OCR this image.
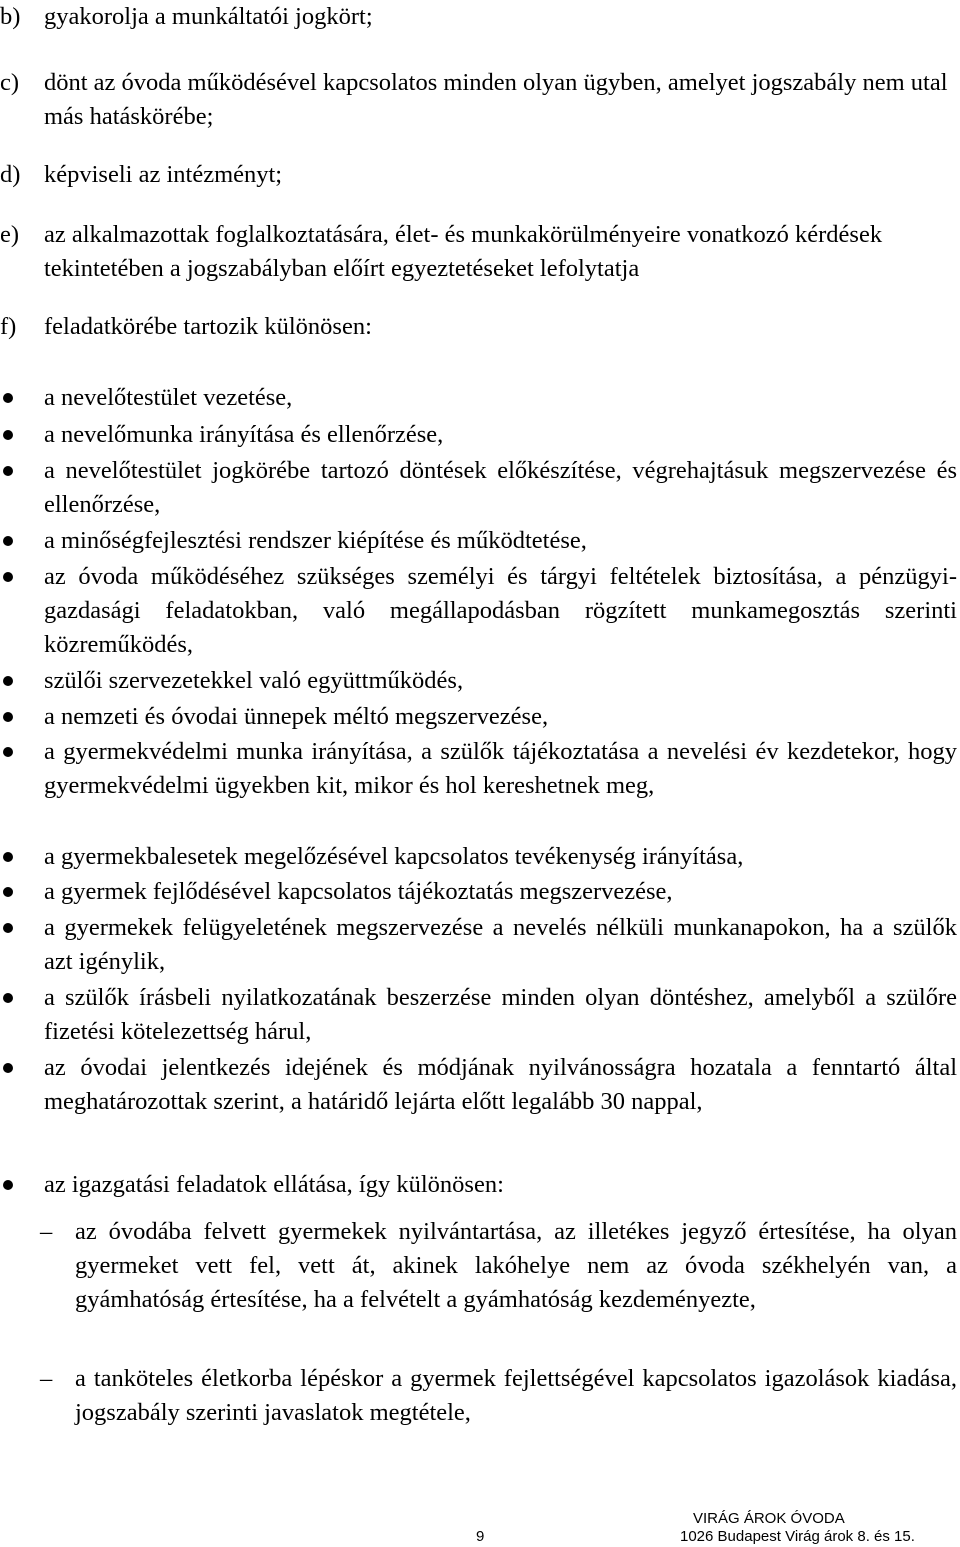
b) gyakorolja a munkáltatói jogkört;
c) dönt az óvoda működésével kapcsolatos minden olyan ügyben, amelyet jogszabály nem utal más hatáskörébe;
d) képviseli az intézményt;
e) az alkalmazottak foglalkoztatására, élet- és munkakörülményeire vonatkozó kérdések tekintetében a jogszabályban előírt egyeztetéseket lefolytatja
f) feladatkörébe tartozik különösen:
a nevelőtestület vezetése,
a nevelőmunka irányítása és ellenőrzése,
a nevelőtestület jogkörébe tartozó döntések előkészítése, végrehajtásuk megszervezése és ellenőrzése,
a minőségfejlesztési rendszer kiépítése és működtetése,
az óvoda működéséhez szükséges személyi és tárgyi feltételek biztosítása, a pénzügyi-gazdasági feladatokban, való megállapodásban rögzített munkamegosztás szerinti közreműködés,
szülői szervezetekkel való együttműködés,
a nemzeti és óvodai ünnepek méltó megszervezése,
a gyermekvédelmi munka irányítása, a szülők tájékoztatása a nevelési év kezdetekor, hogy gyermekvédelmi ügyekben kit, mikor és hol kereshetnek meg,
a gyermekbalesetek megelőzésével kapcsolatos tevékenység irányítása,
a gyermek fejlődésével kapcsolatos tájékoztatás megszervezése,
a gyermekek felügyeletének megszervezése a nevelés nélküli munkanapokon, ha a szülők azt igénylik,
a szülők írásbeli nyilatkozatának beszerzése minden olyan döntéshez, amelyből a szülőre fizetési kötelezettség hárul,
az óvodai jelentkezés idejének és módjának nyilvánosságra hozatala a fenntartó által meghatározottak szerint, a határidő lejárta előtt legalább 30 nappal,
az igazgatási feladatok ellátása, így különösen:
– az óvodába felvett gyermekek nyilvántartása, az illetékes jegyző értesítése, ha olyan gyermeket vett fel, vett át, akinek lakóhelye nem az óvoda székhelyén van, a gyámhatóság értesítése, ha a felvételt a gyámhatóság kezdeményezte,
– a tanköteles életkorba lépéskor a gyermek fejlettségével kapcsolatos igazolások kiadása, jogszabály szerinti javaslatok megtétele,
9
VIRÁG ÁROK ÓVODA
1026 Budapest Virág árok 8. és 15.
